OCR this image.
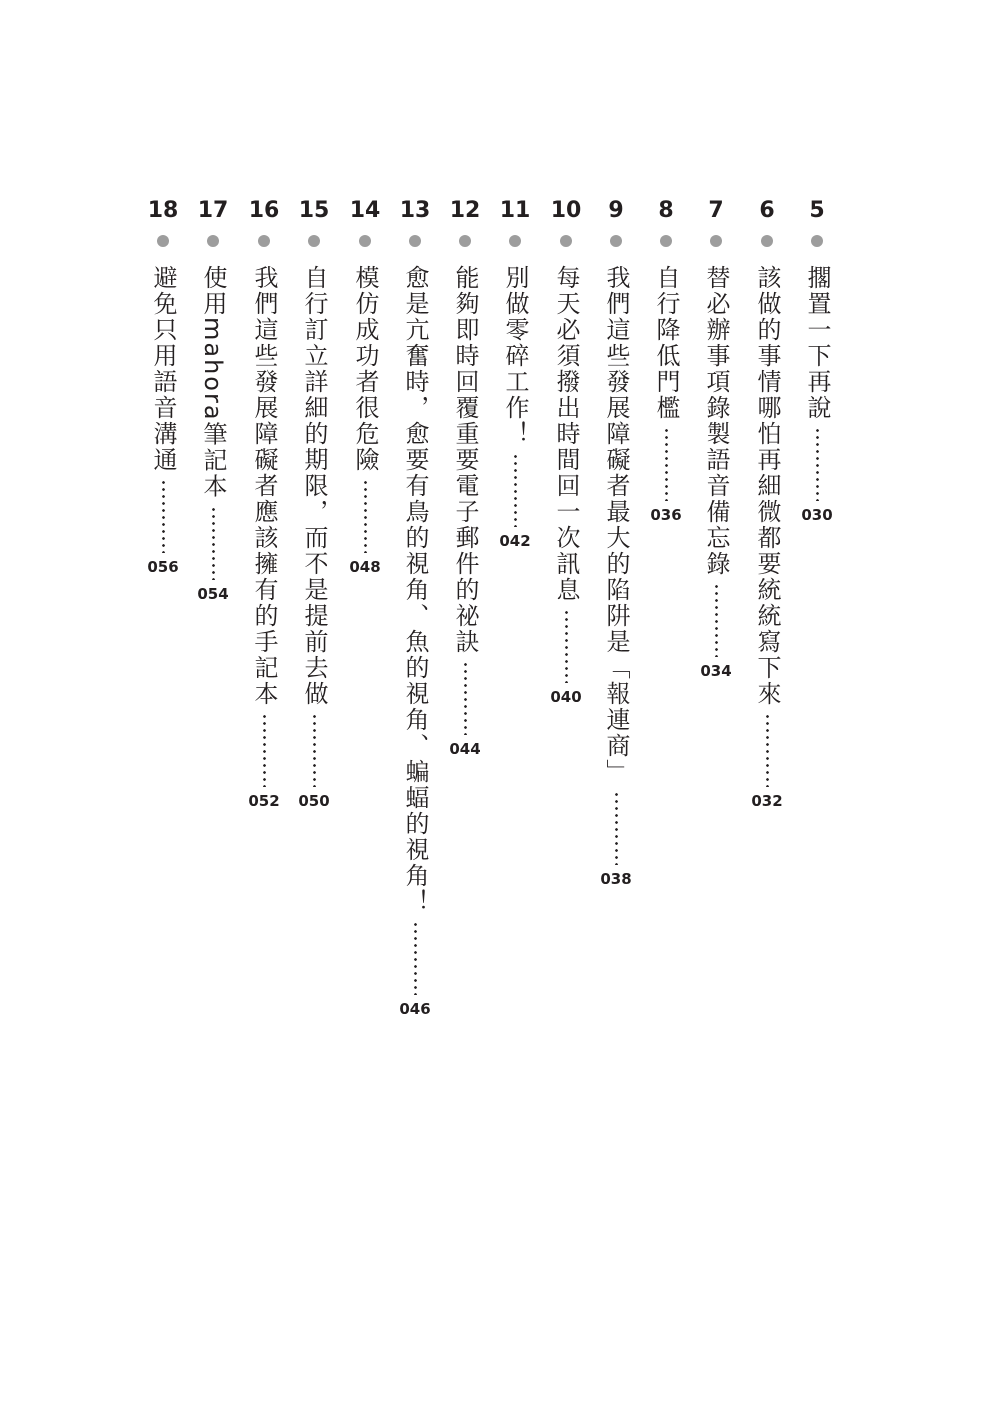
5
擱置一下再說
030
6
該做的事情哪怕再細微都要統統寫下來
032
7
替必辦事項錄製語音備忘錄
034
8
自行降低門檻
036
9
我們這些發展障礙者最大的陷阱是「報連商」
038
10
每天必須撥出時間回一次訊息
040
11
別做零碎工作！
042
12
能夠即時回覆重要電子郵件的祕訣
044
13
愈是亢奮時，愈要有鳥的視角、魚的視角、蝙蝠的視角！
046
14
模仿成功者很危險
048
15
自行訂立詳細的期限，而不是提前去做
050
16
我們這些發展障礙者應該擁有的手記本
052
17
使用mahora筆記本
054
18
避免只用語音溝通
056
